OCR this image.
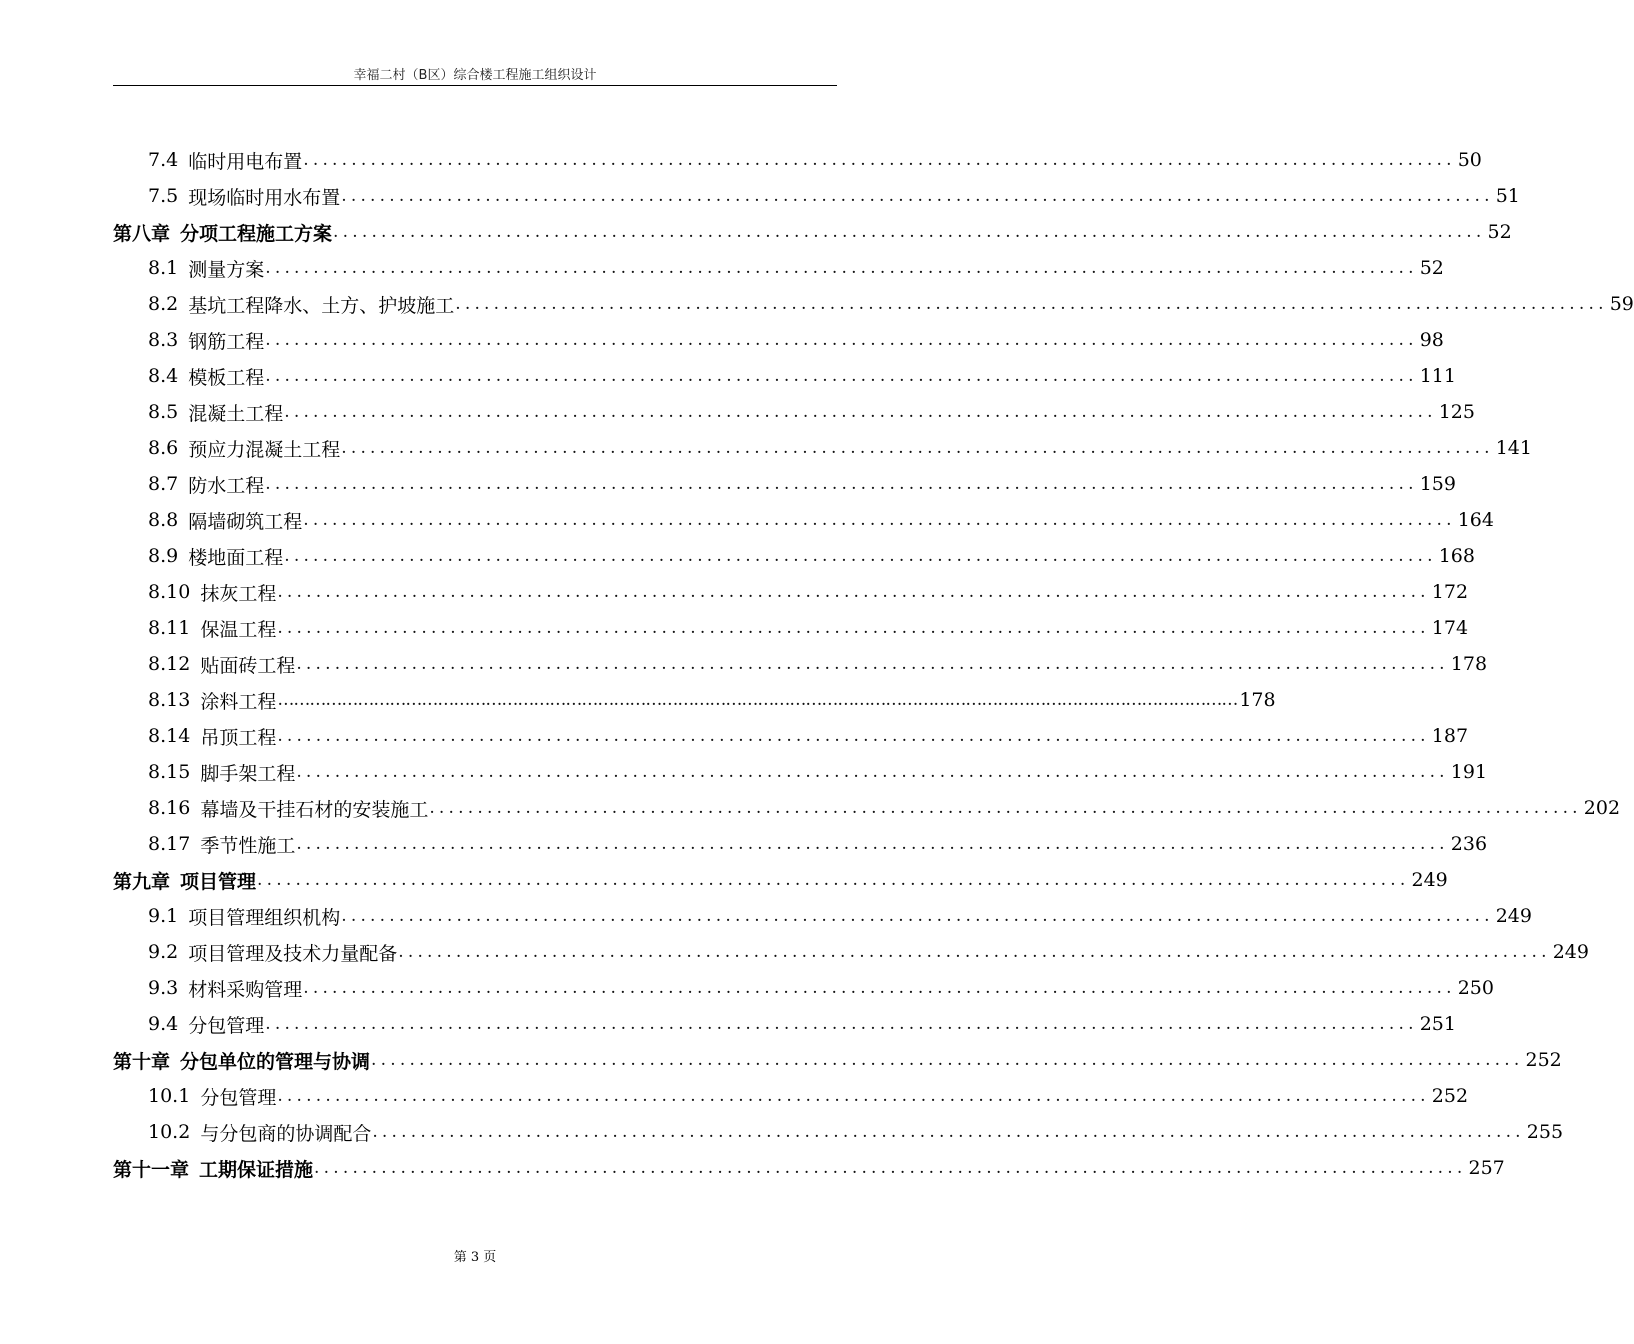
幸福二村（B区）综合楼工程施工组织设计
7.4 临时用电布置 ........................................................................................................................ 50
7.5 现场临时用水布置 ........................................................................................................................ 51
第八章 分项工程施工方案 ........................................................................................................................ 52
8.1 测量方案 ........................................................................................................................ 52
8.2 基坑工程降水、土方、护坡施工 ........................................................................................................................ 59
8.3 钢筋工程 ........................................................................................................................ 98
8.4 模板工程 ........................................................................................................................ 111
8.5 混凝土工程 ........................................................................................................................ 125
8.6 预应力混凝土工程 ........................................................................................................................ 141
8.7 防水工程 ........................................................................................................................ 159
8.8 隔墙砌筑工程 ........................................................................................................................ 164
8.9 楼地面工程 ........................................................................................................................ 168
8.10 抹灰工程 ........................................................................................................................ 172
8.11 保温工程 ........................................................................................................................ 174
8.12 贴面砖工程 ........................................................................................................................ 178
8.13 涂料工程 ……………………………………………………………………………………………………………………………………………………………… 178
8.14 吊顶工程 ........................................................................................................................ 187
8.15 脚手架工程 ........................................................................................................................ 191
8.16 幕墙及干挂石材的安装施工 ........................................................................................................................ 202
8.17 季节性施工 ........................................................................................................................ 236
第九章 项目管理 ........................................................................................................................ 249
9.1 项目管理组织机构 ........................................................................................................................ 249
9.2 项目管理及技术力量配备 ........................................................................................................................ 249
9.3 材料采购管理 ........................................................................................................................ 250
9.4 分包管理 ........................................................................................................................ 251
第十章 分包单位的管理与协调 ........................................................................................................................ 252
10.1 分包管理 ........................................................................................................................ 252
10.2 与分包商的协调配合 ........................................................................................................................ 255
第十一章 工期保证措施 ........................................................................................................................ 257
第 3 页
